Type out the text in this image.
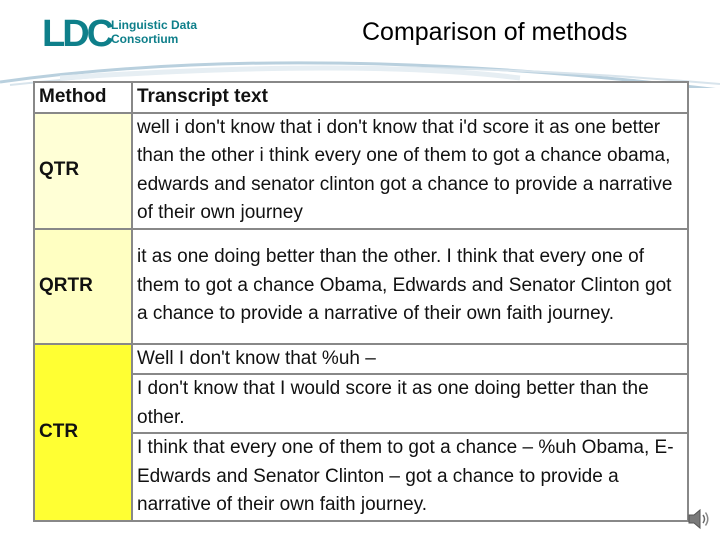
LDC Linguistic Data
Consortium	Comparison of methods
Method	Transcript text
QTR	well i don't know that i don't know that i'd score it as one better than the other i think every one of them to got a chance obama, edwards and senator clinton got a chance to provide a narrative of their own journey
QRTR	it as one doing better than the other. I think that every one of them to got a chance Obama, Edwards and Senator Clinton got a chance to provide a narrative of their own faith journey.
CTR	Well I don't know that %uh –
	I don't know that I would score it as one doing better than the other.
	I think that every one of them to got a chance – %uh Obama, E- Edwards and Senator Clinton – got a chance to provide a narrative of their own faith journey.
